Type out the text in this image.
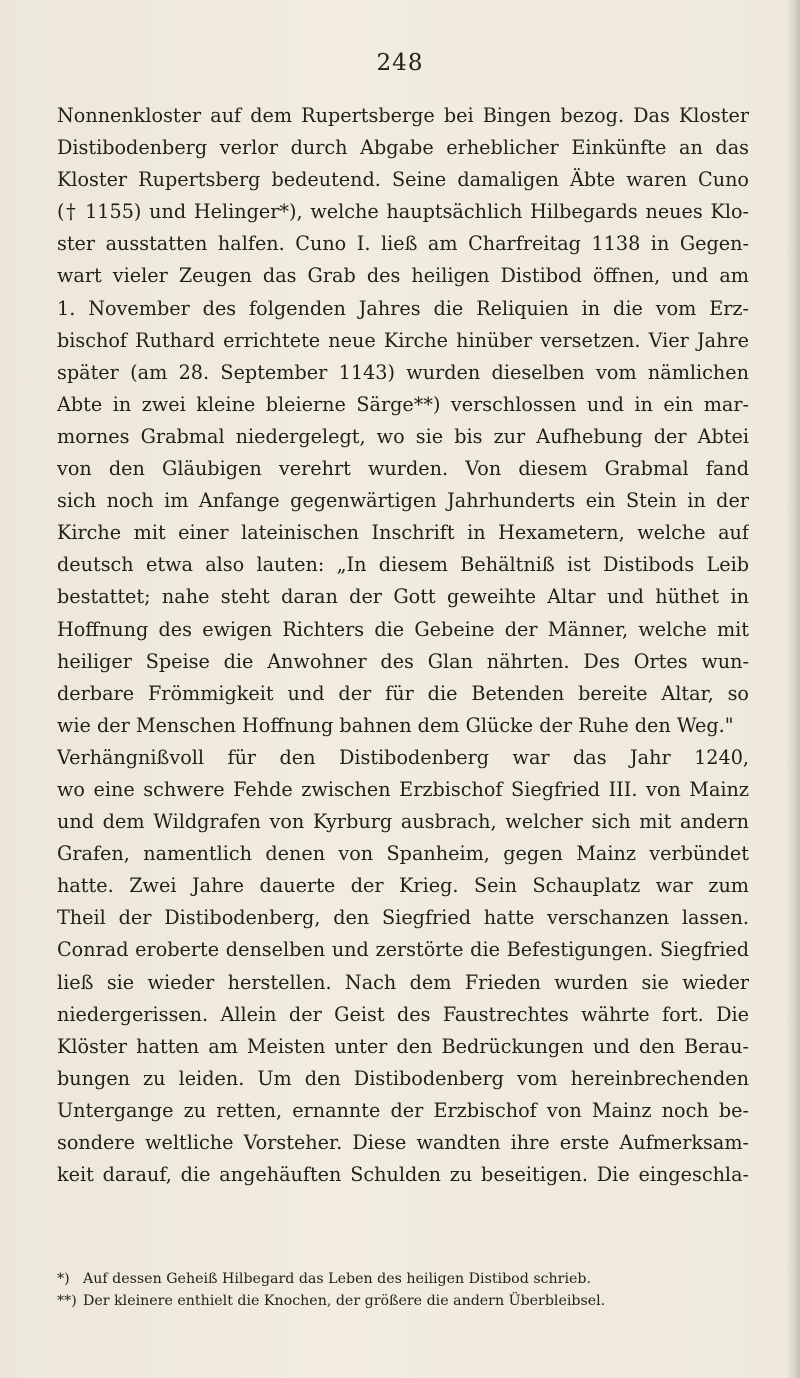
248
Nonnenkloster auf dem Rupertsberge bei Bingen bezog. Das Kloster
Distibodenberg verlor durch Abgabe erheblicher Einkünfte an das
Kloster Rupertsberg bedeutend. Seine damaligen Äbte waren Cuno
(† 1155) und Helinger*), welche hauptsächlich Hilbegards neues Klo-
ster ausstatten halfen. Cuno I. ließ am Charfreitag 1138 in Gegen-
wart vieler Zeugen das Grab des heiligen Distibod öffnen, und am
1. November des folgenden Jahres die Reliquien in die vom Erz-
bischof Ruthard errichtete neue Kirche hinüber versetzen. Vier Jahre
später (am 28. September 1143) wurden dieselben vom nämlichen
Abte in zwei kleine bleierne Särge**) verschlossen und in ein mar-
mornes Grabmal niedergelegt, wo sie bis zur Aufhebung der Abtei
von den Gläubigen verehrt wurden. Von diesem Grabmal fand
sich noch im Anfange gegenwärtigen Jahrhunderts ein Stein in der
Kirche mit einer lateinischen Inschrift in Hexametern, welche auf
deutsch etwa also lauten: „In diesem Behältniß ist Distibods Leib
bestattet; nahe steht daran der Gott geweihte Altar und hüthet in
Hoffnung des ewigen Richters die Gebeine der Männer, welche mit
heiliger Speise die Anwohner des Glan nährten. Des Ortes wun-
derbare Frömmigkeit und der für die Betenden bereite Altar, so
wie der Menschen Hoffnung bahnen dem Glücke der Ruhe den Weg."
Verhängnißvoll für den Distibodenberg war das Jahr 1240,
wo eine schwere Fehde zwischen Erzbischof Siegfried III. von Mainz
und dem Wildgrafen von Kyrburg ausbrach, welcher sich mit andern
Grafen, namentlich denen von Spanheim, gegen Mainz verbündet
hatte. Zwei Jahre dauerte der Krieg. Sein Schauplatz war zum
Theil der Distibodenberg, den Siegfried hatte verschanzen lassen.
Conrad eroberte denselben und zerstörte die Befestigungen. Siegfried
ließ sie wieder herstellen. Nach dem Frieden wurden sie wieder
niedergerissen. Allein der Geist des Faustrechtes währte fort. Die
Klöster hatten am Meisten unter den Bedrückungen und den Berau-
bungen zu leiden. Um den Distibodenberg vom hereinbrechenden
Untergange zu retten, ernannte der Erzbischof von Mainz noch be-
sondere weltliche Vorsteher. Diese wandten ihre erste Aufmerksam-
keit darauf, die angehäuften Schulden zu beseitigen. Die eingeschla-
*) Auf dessen Geheiß Hilbegard das Leben des heiligen Distibod schrieb.
**) Der kleinere enthielt die Knochen, der größere die andern Überbleibsel.
